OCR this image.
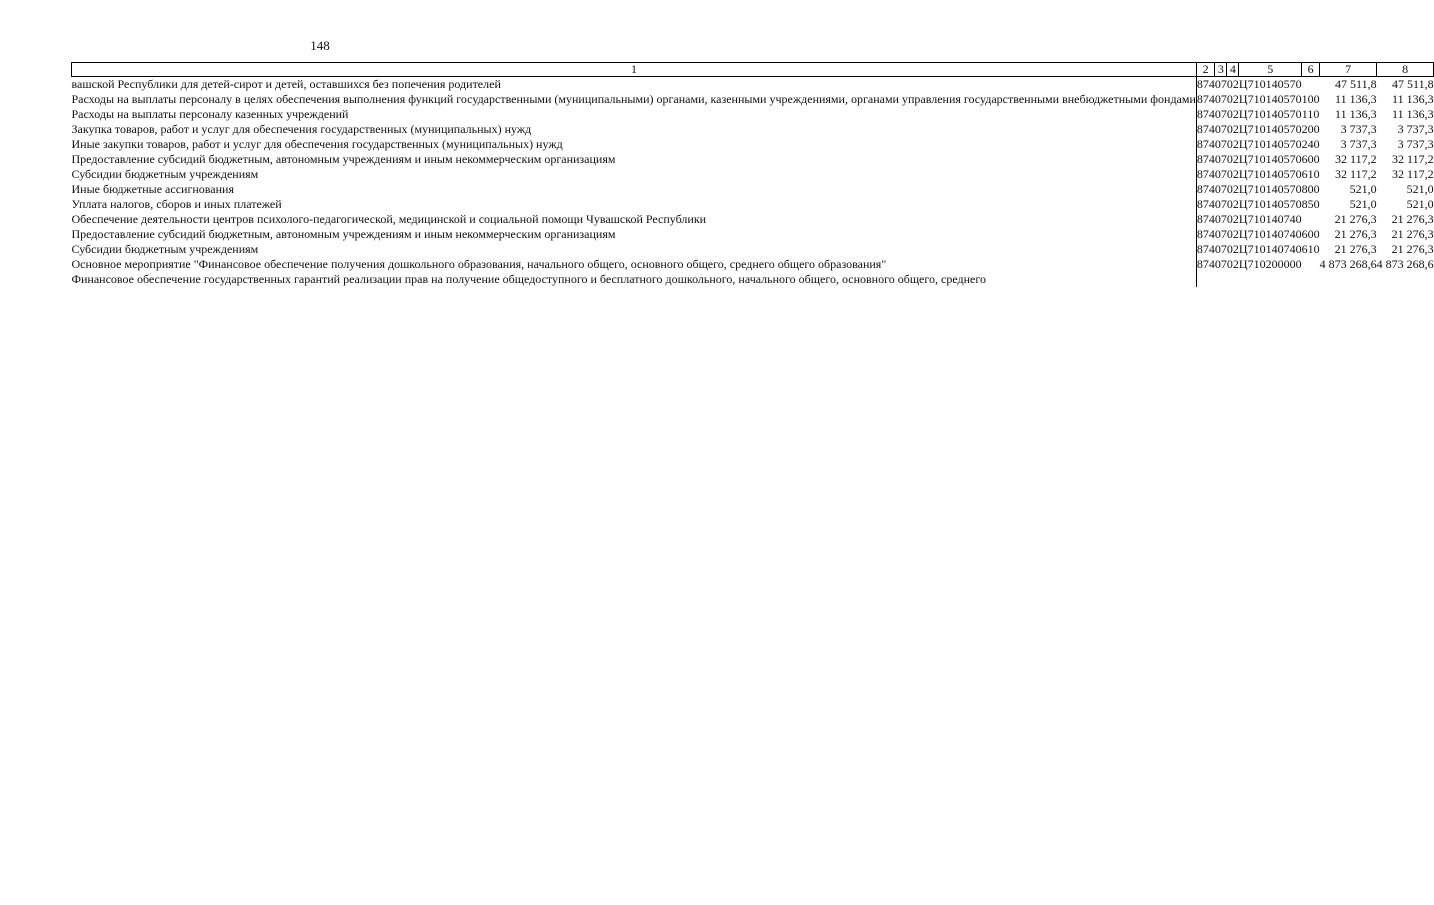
148
1	2	3	4	5	6	7	8
вашской Республики для детей-сирот и детей, оставшихся без попечения родителей	874	07	02	Ц710140570		47 511,8	47 511,8
Расходы на выплаты персоналу в целях обеспечения выполнения функций государственными (муниципальными) органами, казенными учреждениями, органами управления государственными внебюджетными фондами	874	07	02	Ц710140570	100	11 136,3	11 136,3
Расходы на выплаты персоналу казенных учреждений	874	07	02	Ц710140570	110	11 136,3	11 136,3
Закупка товаров, работ и услуг для обеспечения государственных (муниципальных) нужд	874	07	02	Ц710140570	200	3 737,3	3 737,3
Иные закупки товаров, работ и услуг для обеспечения государственных (муниципальных) нужд	874	07	02	Ц710140570	240	3 737,3	3 737,3
Предоставление субсидий бюджетным, автономным учреждениям и иным некоммерческим организациям	874	07	02	Ц710140570	600	32 117,2	32 117,2
Субсидии бюджетным учреждениям	874	07	02	Ц710140570	610	32 117,2	32 117,2
Иные бюджетные ассигнования	874	07	02	Ц710140570	800	521,0	521,0
Уплата налогов, сборов и иных платежей	874	07	02	Ц710140570	850	521,0	521,0
Обеспечение деятельности центров психолого-педагогической, медицинской и социальной помощи Чувашской Республики	874	07	02	Ц710140740		21 276,3	21 276,3
Предоставление субсидий бюджетным, автономным учреждениям и иным некоммерческим организациям	874	07	02	Ц710140740	600	21 276,3	21 276,3
Субсидии бюджетным учреждениям	874	07	02	Ц710140740	610	21 276,3	21 276,3
Основное мероприятие "Финансовое обеспечение получения дошкольного образования, начального общего, основного общего, среднего общего образования"	874	07	02	Ц710200000		4 873 268,6	4 873 268,6
Финансовое обеспечение государственных гарантий реализации прав на получение общедоступного и бесплатного дошкольного, начального общего, основного общего, среднего							
